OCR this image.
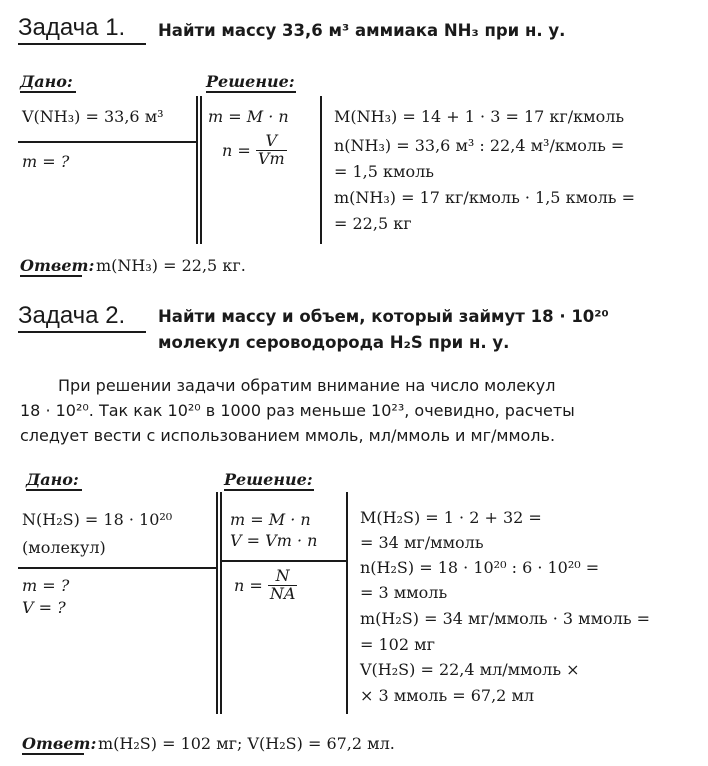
Задача 1. Найти массу 33,6 м³ аммиака NH₃ при н. у.
Дано:	Решение:
V(NH₃) = 33,6 м³
m = ?
m = M · n
$n = \frac{V}{Vm}$
M(NH₃) = 14 + 1 · 3 = 17 кг/кмоль
n(NH₃) = 33,6 м³ : 22,4 м³/кмоль =
= 1,5 кмоль
m(NH₃) = 17 кг/кмоль · 1,5 кмоль =
= 22,5 кг
Ответ: m(NH₃) = 22,5 кг.
Задача 2. Найти массу и объем, который займут 18 · 10²⁰
молекул сероводорода H₂S при н. у.
При решении задачи обратим внимание на число молекул
18 · 10²⁰. Так как 10²⁰ в 1000 раз меньше 10²³, очевидно, расчеты
следует вести с использованием ммоль, мл/ммоль и мг/ммоль.
Дано:	Решение:
N(H₂S) = 18 · 10²⁰
(молекул)
m = ?
V = ?
m = M · n
V = Vm · n
$n = \frac{N}{NA}$
M(H₂S) = 1 · 2 + 32 =
= 34 мг/ммоль
n(H₂S) = 18 · 10²⁰ : 6 · 10²⁰ =
= 3 ммоль
m(H₂S) = 34 мг/ммоль · 3 ммоль =
= 102 мг
V(H₂S) = 22,4 мл/ммоль ×
× 3 ммоль = 67,2 мл
Ответ: m(H₂S) = 102 мг; V(H₂S) = 67,2 мл.
